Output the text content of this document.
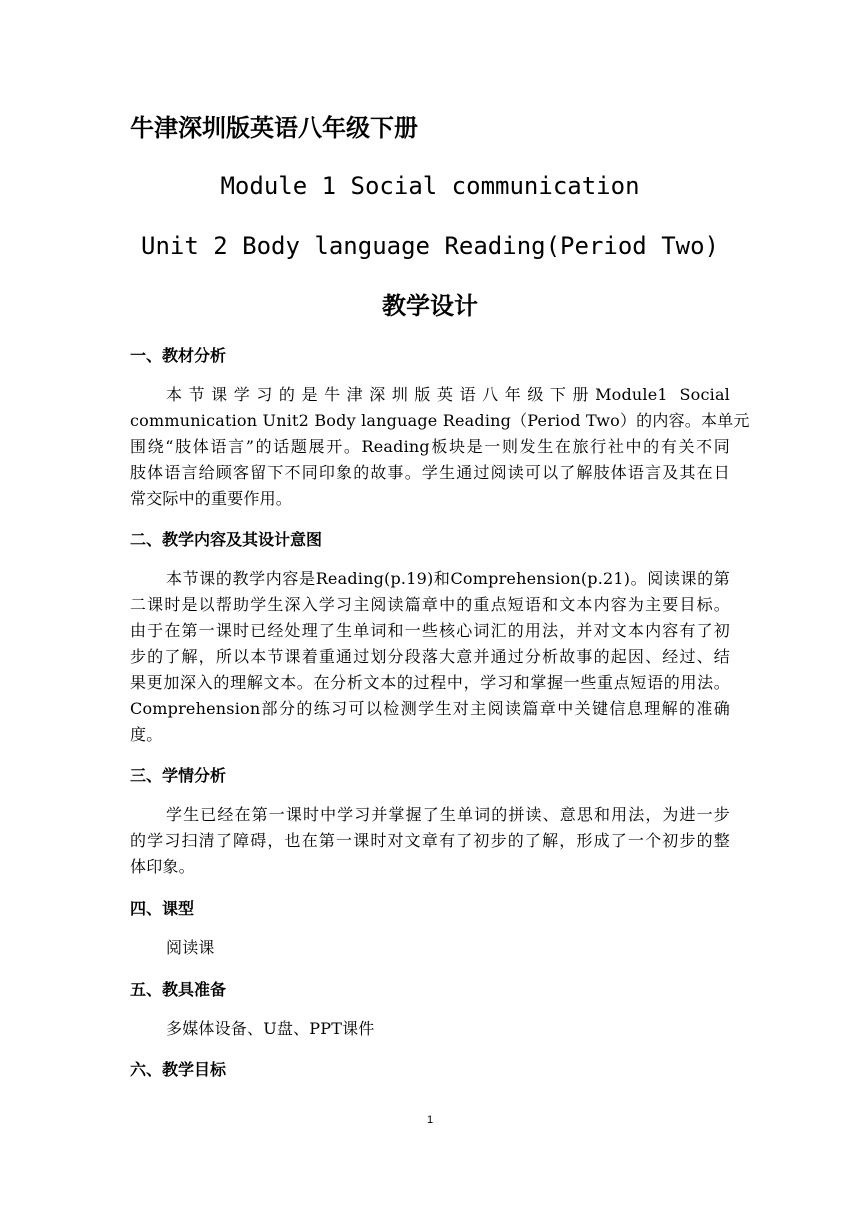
牛津深圳版英语八年级下册
Module 1 Social communication
Unit 2 Body language Reading(Period Two)
教学设计
一、教材分析
本节课学习的是牛津深圳版英语八年级下册Module1 Social
communication Unit2 Body language Reading（Period Two）的内容。本单元
围绕“肢体语言”的话题展开。Reading板块是一则发生在旅行社中的有关不同
肢体语言给顾客留下不同印象的故事。学生通过阅读可以了解肢体语言及其在日
常交际中的重要作用。
二、教学内容及其设计意图
本节课的教学内容是Reading(p.19)和Comprehension(p.21)。阅读课的第
二课时是以帮助学生深入学习主阅读篇章中的重点短语和文本内容为主要目标。
由于在第一课时已经处理了生单词和一些核心词汇的用法，并对文本内容有了初
步的了解，所以本节课着重通过划分段落大意并通过分析故事的起因、经过、结
果更加深入的理解文本。在分析文本的过程中，学习和掌握一些重点短语的用法。
Comprehension部分的练习可以检测学生对主阅读篇章中关键信息理解的准确
度。
三、学情分析
学生已经在第一课时中学习并掌握了生单词的拼读、意思和用法，为进一步
的学习扫清了障碍，也在第一课时对文章有了初步的了解，形成了一个初步的整
体印象。
四、课型
阅读课
五、教具准备
多媒体设备、U盘、PPT课件
六、教学目标
1
